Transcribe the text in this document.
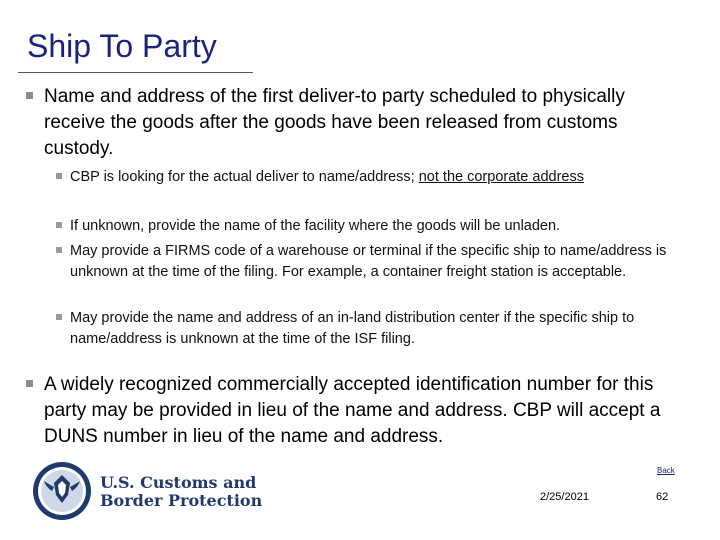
Ship To Party
Name and address of the first deliver-to party scheduled to physically receive the goods after the goods have been released from customs custody.
CBP is looking for the actual deliver to name/address; not the corporate address
If unknown, provide the name of the facility where the goods will be unladen.
May provide a FIRMS code of a warehouse or terminal if the specific ship to name/address is unknown at the time of the filing. For example, a container freight station is acceptable.
May provide the name and address of an in-land distribution center if the specific ship to name/address is unknown at the time of the ISF filing.
A widely recognized commercially accepted identification number for this party may be provided in lieu of the name and address. CBP will accept a DUNS number in lieu of the name and address.
U.S. Customs and
Border Protection
Back
2/25/2021	62
